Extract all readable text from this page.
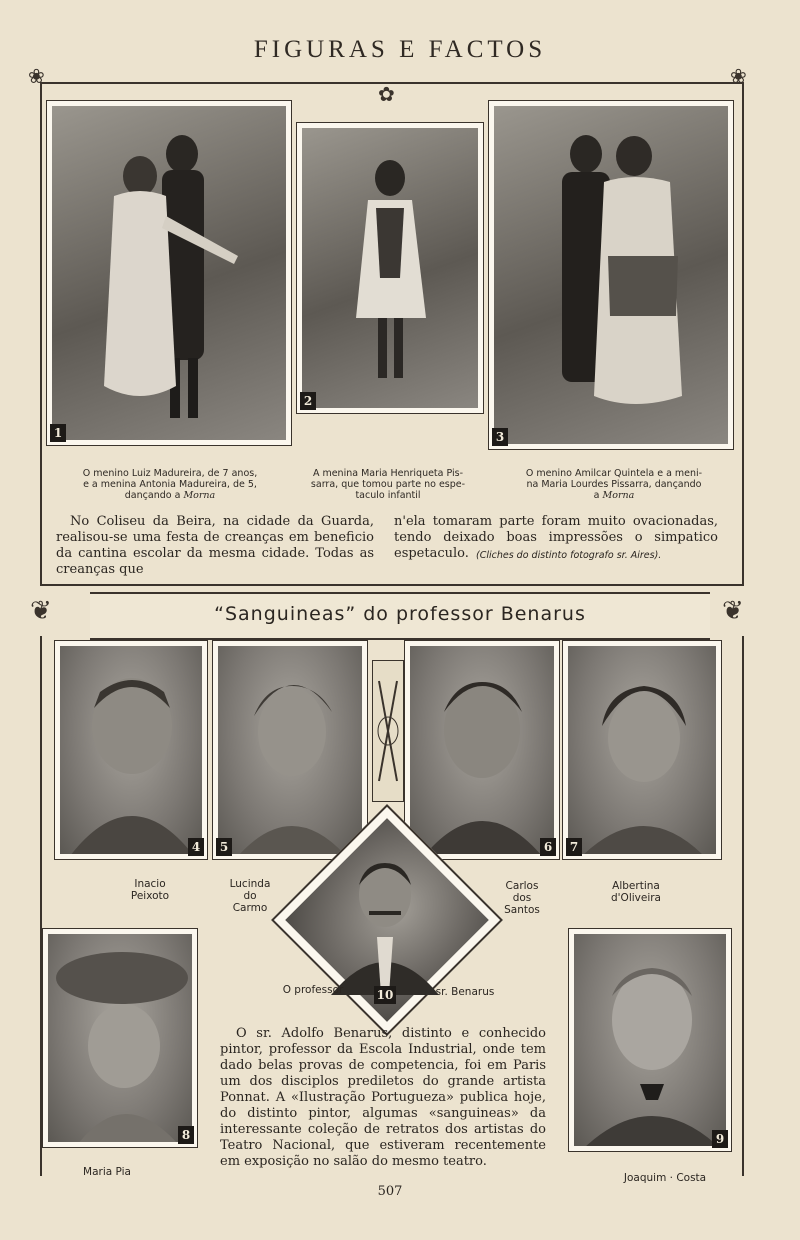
FIGURAS E FACTOS
❀	❀
✿
1
2
3
O menino Luiz Madureira, de 7 anos,
e a menina Antonia Madureira, de 5,
dançando a Morna
A menina Maria Henriqueta Pis-
sarra, que tomou parte no espe-
taculo infantil
O menino Amilcar Quintela e a meni-
na Maria Lourdes Pissarra, dançando
a Morna
No Coliseu da Beira, na cidade da Guarda, realisou-se uma festa de creanças em beneficio da cantina escolar da mesma cidade. Todas as creanças que
n'ela tomaram parte foram muito ovacionadas, tendo deixado boas impressões o simpatico espetaculo. (Cliches do distinto fotografo sr. Aires).
“Sanguineas” do professor Benarus
❦	❦
4	5	6	7
Inacio
Peixoto
Lucinda
do
Carmo
Carlos
dos
Santos
Albertina
d'Oliveira
10
O professor	sr. Benarus
8	9
O sr. Adolfo Benarus, distinto e conhecido pintor, professor da Escola Industrial, onde tem dado belas provas de competencia, foi em Paris um dos disciplos prediletos do grande artista Ponnat. A «Ilustração Portugueza» publica hoje, do distinto pintor, algumas «sanguineas» da interessante coleção de retratos dos artistas do Teatro Nacional, que estiveram recentemente em exposição no salão do mesmo teatro.
Maria Pia	Joaquim · Costa
507
